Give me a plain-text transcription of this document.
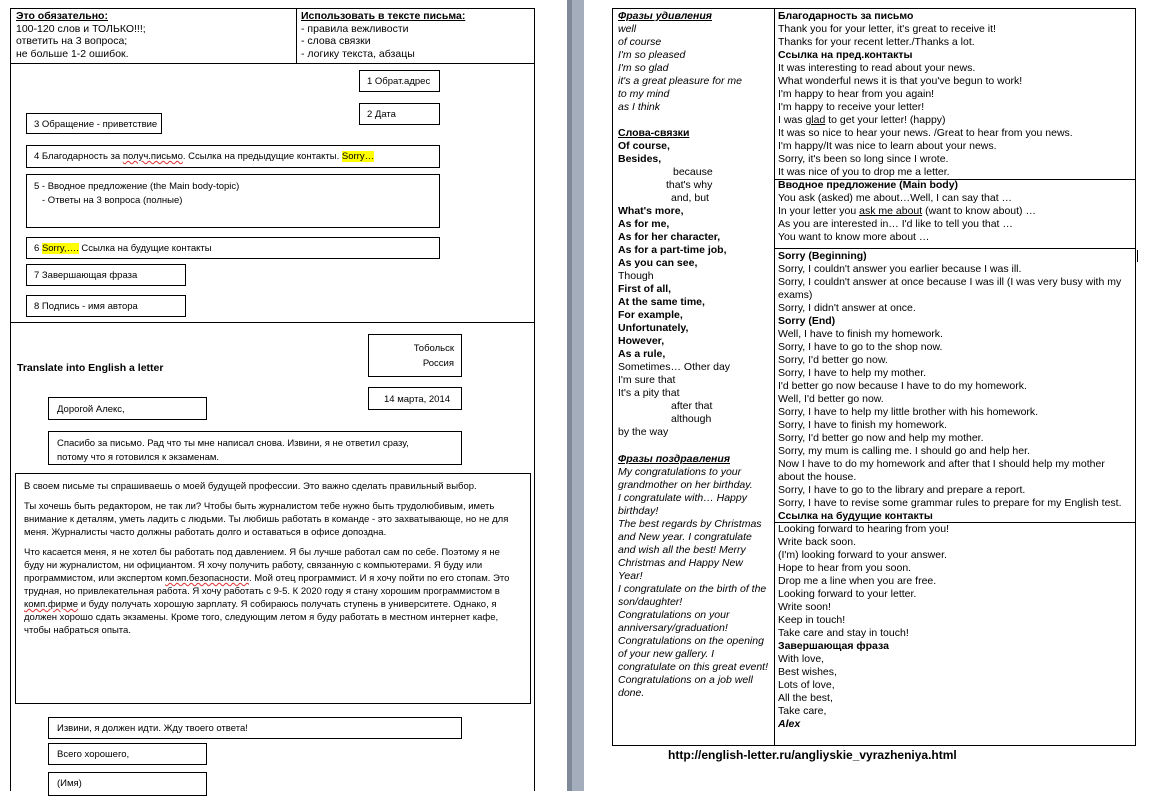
Это обязательно:
100-120 слов и ТОЛЬКО!!!;
ответить на 3 вопроса;
не больше 1-2 ошибок.
Использовать в тексте письма:
- правила вежливости
- слова связки
- логику текста, абзацы
1 Обрат.адрес
2 Дата
3 Обращение - приветствие
4 Благодарность за получ.письмо. Ссылка на предыдущие контакты. Sorry…
5 - Вводное предложение (the Main body-topic)
- Ответы на 3 вопроса (полные)
6 Sorry,…. Ссылка на будущие контакты
7 Завершающая фраза
8 Подпись - имя автора
Translate into English a letter
Тобольск
Россия
14 марта, 2014
Дорогой Алекс,
Спасибо за письмо. Рад что ты мне написал снова. Извини, я не ответил сразу,
потому что я готовился к экзаменам.

В своем письме ты спрашиваешь о моей будущей профессии. Это важно сделать правильный выбор.

Ты хочешь быть редактором, не так ли? Чтобы быть журналистом тебе нужно быть трудолюбивым, иметь внимание к деталям, уметь ладить с людьми. Ты любишь работать в команде - это захватывающе, но не для меня. Журналисты часто должны работать долго и оставаться в офисе допоздна.

Что касается меня, я не хотел бы работать под давлением. Я бы лучше работал сам по себе. Поэтому я не буду ни журналистом, ни официантом. Я хочу получить работу, связанную с компьютерами. Я буду или программистом, или экспертом комп.безопасности. Мой отец программист. И я хочу пойти по его стопам. Это трудная, но привлекательная работа. Я хочу работать с 9-5. К 2020 году я стану хорошим программистом в комп.фирме и буду получать хорошую зарплату. Я собираюсь получать ступень в университете. Однако, я должен хорошо сдать экзамены. Кроме того, следующим летом я буду работать в местном интернет кафе, чтобы набраться опыта.

Извини, я должен идти. Жду твоего ответа!
Всего хорошего,
(Имя)
Фразы удивления
well
of course
I'm so pleased
I'm so glad
it's a great pleasure for me
to my mind
as I think

Слова-связки
Of course,
Besides,
because
that's why
and, but
What's more,
As for me,
As for her character,
As for a part-time job,
As you can see,
Though
First of all,
At the same time,
For example,
Unfortunately,
However,
As a rule,
Sometimes… Other day
I'm sure that
It's a pity that
after that
although
by the way

Фразы поздравления
My congratulations to your grandmother on her birthday.
I congratulate with… Happy birthday!
The best regards by Christmas and New year. I congratulate and wish all the best! Merry Christmas and Happy New Year!
I congratulate on the birth of the son/daughter!
Congratulations on your anniversary/graduation!
Congratulations on the opening of your new gallery. I congratulate on this great event!
Congratulations on a job well done.
Благодарность за письмо
Thank you for your letter, it's great to receive it!
Thanks for your recent letter./Thanks a lot.
Ссылка на пред.контакты
It was interesting to read about your news.
What wonderful news it is that you've begun to work!
I'm happy to hear from you again!
I'm happy to receive your letter!
I was glad to get your letter! (happy)
It was so nice to hear your news. /Great to hear from you news.
I'm happy/It was nice to learn about your news.
Sorry, it's been so long since I wrote.
It was nice of you to drop me a letter.
Вводное предложение (Main body)
You ask (asked) me about…Well, I can say that …
In your letter you ask me about (want to know about) …
As you are interested in… I'd like to tell you that …
You want to know more about …
Sorry (Beginning)
Sorry, I couldn't answer you earlier because I was ill.
Sorry, I couldn't answer at once because I was ill (I was very busy with my exams)
Sorry, I didn't answer at once.
Sorry (End)
Well, I have to finish my homework.
Sorry, I have to go to the shop now.
Sorry, I'd better go now.
Sorry, I have to help my mother.
I'd better go now because I have to do my homework.
Well, I'd better go now.
Sorry, I have to help my little brother with his homework.
Sorry, I have to finish my homework.
Sorry, I'd better go now and help my mother.
Sorry, my mum is calling me. I should go and help her.
Now I have to do my homework and after that I should help my mother about the house.
Sorry, I have to go to the library and prepare a report.
Sorry, I have to revise some grammar rules to prepare for my English test.
Ссылка на будущие контакты
Looking forward to hearing from you!
Write back soon.
(I'm) looking forward to your answer.
Hope to hear from you soon.
Drop me a line when you are free.
Looking forward to your letter.
Write soon!
Keep in touch!
Take care and stay in touch!
Завершающая фраза
With love,
Best wishes,
Lots of love,
All the best,
Take care,
Alex
http://english-letter.ru/angliyskie_vyrazheniya.html
